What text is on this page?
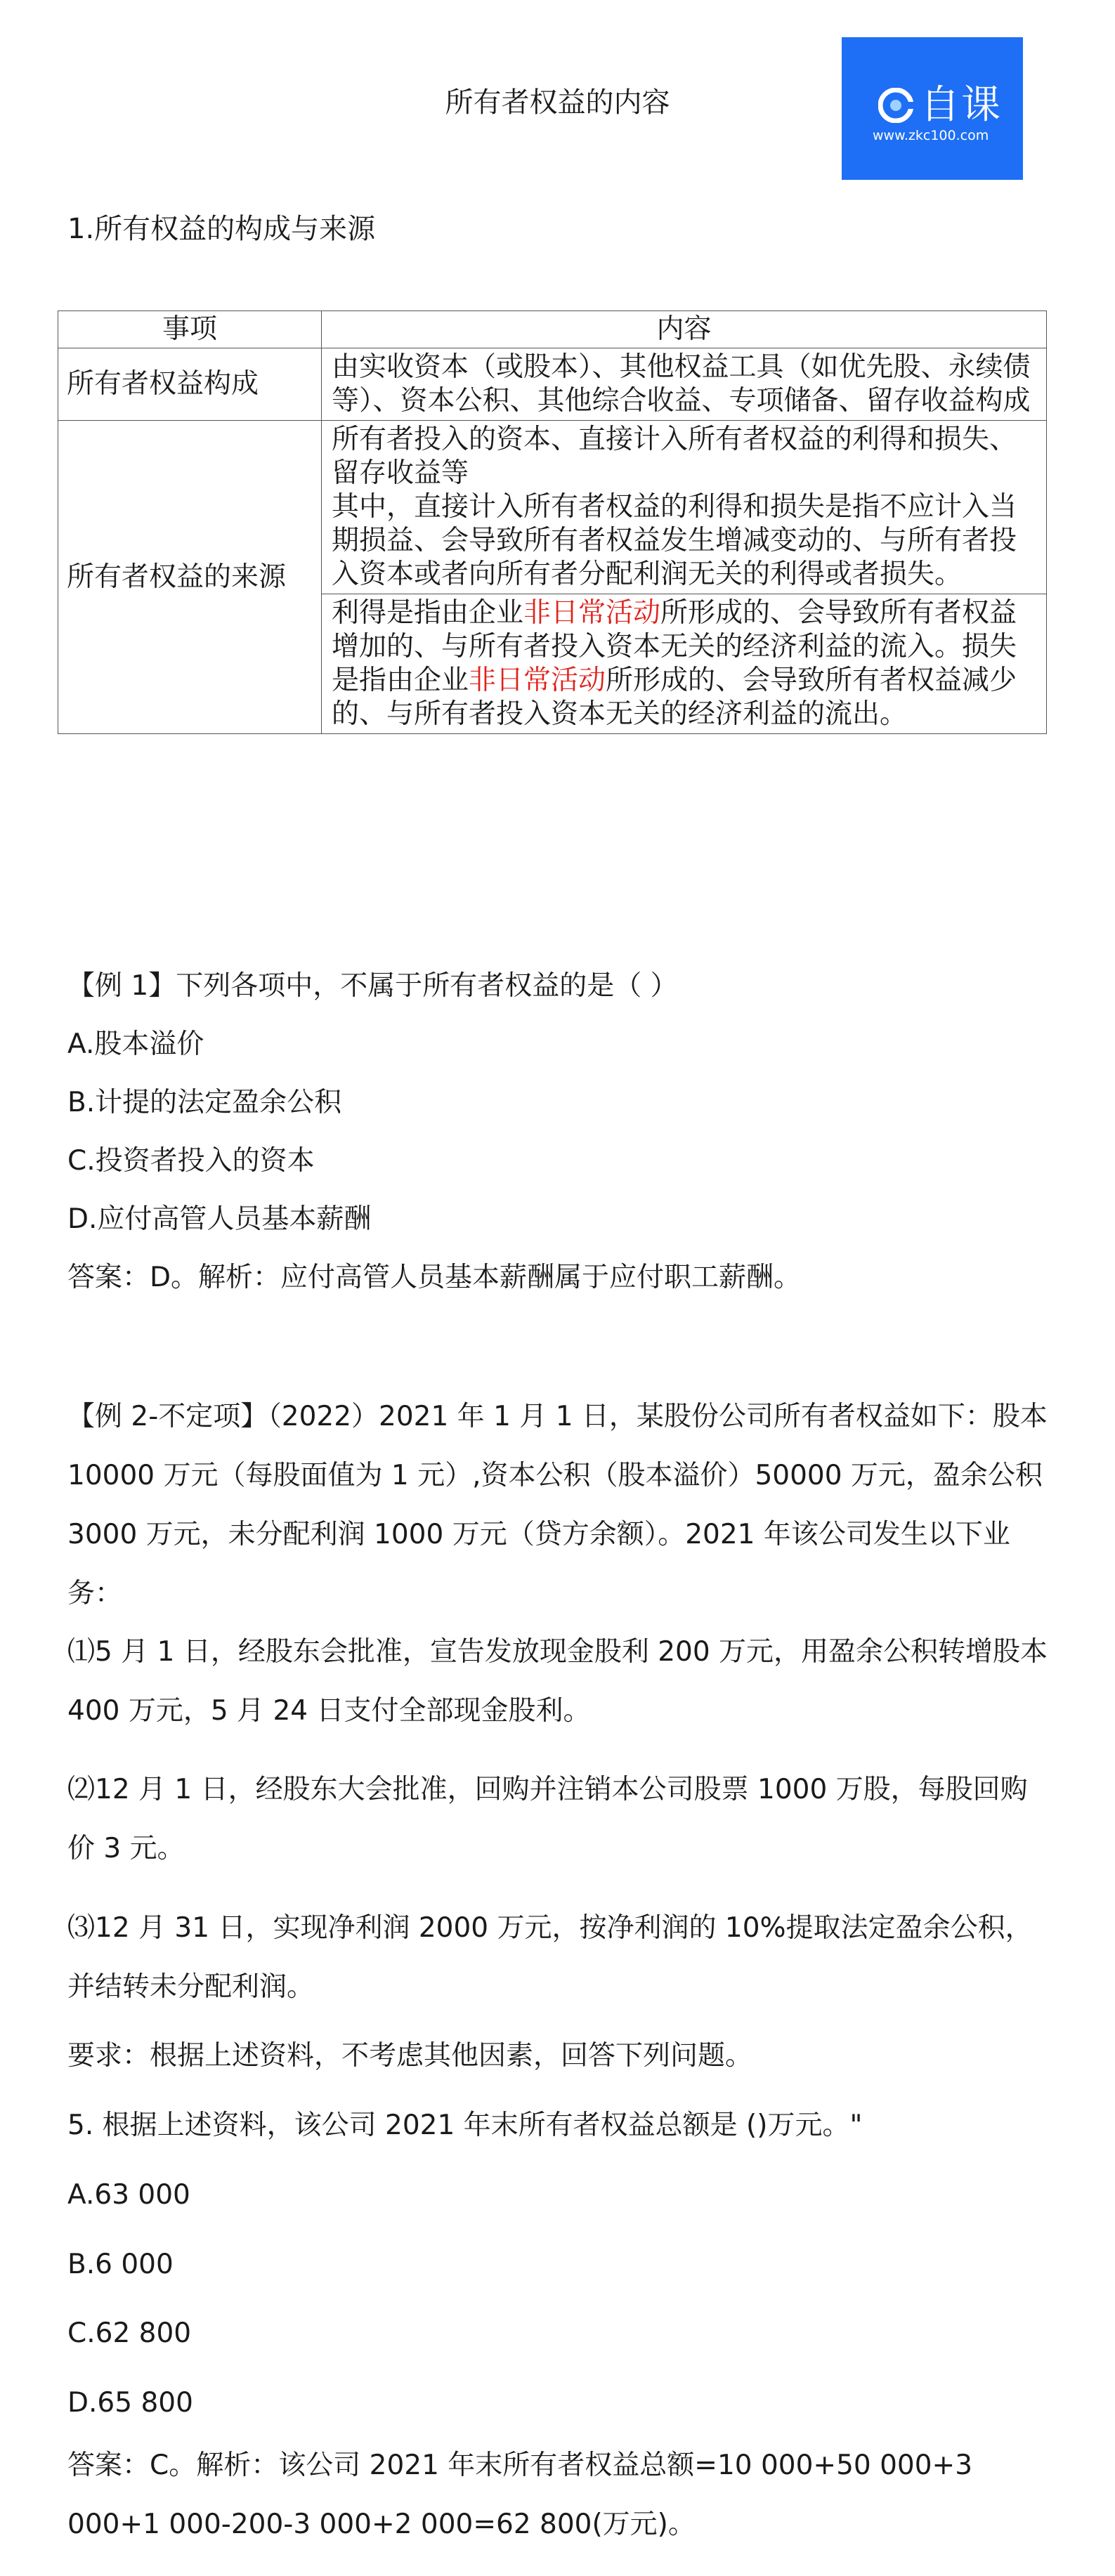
所有者权益的内容	自课
www.zkc100.com
1.所有权益的构成与来源
事项	内容
所有者权益构成	由实收资本（或股本）、其他权益工具（如优先股、永续债等）、资本公积、其他综合收益、专项储备、留存收益构成
所有者权益的来源	所有者投入的资本、直接计入所有者权益的利得和损失、留存收益等
其中，直接计入所有者权益的利得和损失是指不应计入当期损益、会导致所有者权益发生增减变动的、与所有者投入资本或者向所有者分配利润无关的利得或者损失。

	利得是指由企业非日常活动所形成的、会导致所有者权益增加的、与所有者投入资本无关的经济利益的流入。损失是指由企业非日常活动所形成的、会导致所有者权益减少的、与所有者投入资本无关的经济利益的流出。
【例 1】下列各项中，不属于所有者权益的是（ ）
A.股本溢价
B.计提的法定盈余公积
C.投资者投入的资本
D.应付高管人员基本薪酬
答案：D。解析：应付高管人员基本薪酬属于应付职工薪酬。
【例 2-不定项】（2022）2021 年 1 月 1 日，某股份公司所有者权益如下：股本 10000 万元（每股面值为 1 元）,资本公积（股本溢价）50000 万元，盈余公积 3000 万元，未分配利润 1000 万元（贷方余额）。2021 年该公司发生以下业务：
⑴5 月 1 日，经股东会批准，宣告发放现金股利 200 万元，用盈余公积转增股本 400 万元，5 月 24 日支付全部现金股利。
⑵12 月 1 日，经股东大会批准，回购并注销本公司股票 1000 万股，每股回购价 3 元。
⑶12 月 31 日，实现净利润 2000 万元，按净利润的 10%提取法定盈余公积，并结转未分配利润。
要求：根据上述资料，不考虑其他因素，回答下列问题。
5. 根据上述资料，该公司 2021 年末所有者权益总额是 ()万元。"
A.63 000
B.6 000
C.62 800
D.65 800
答案：C。解析：该公司 2021 年末所有者权益总额=10 000+50 000+3 000+1 000-200-3 000+2 000=62 800(万元)。
